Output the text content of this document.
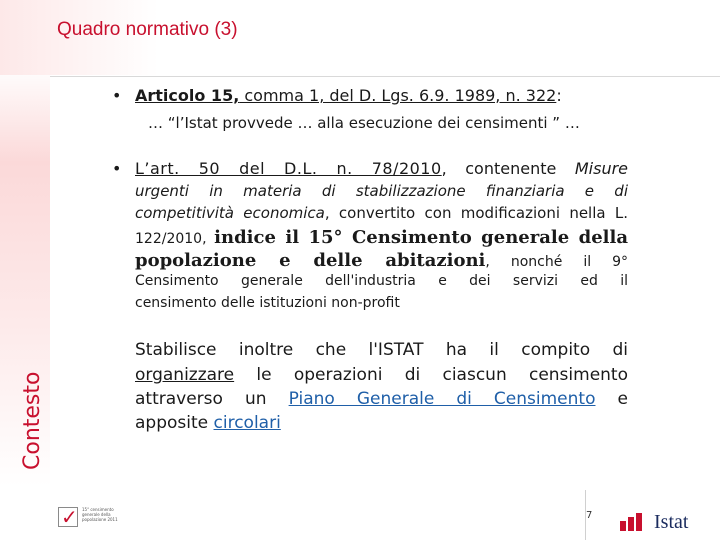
Quadro normativo (3)
Contesto
• Articolo 15, comma 1, del D. Lgs. 6.9. 1989, n. 322:
… “l’Istat provvede … alla esecuzione dei censimenti ” …
• L’art. 50 del D.L. n. 78/2010, contenente Misure
urgenti in materia di stabilizzazione finanziaria e di
competitività economica, convertito con modificazioni nella L.
122/2010, indice il 15° Censimento generale della
popolazione e delle abitazioni, nonché il 9°
Censimento generale dell'industria e dei servizi ed il
censimento delle istituzioni non-profit
Stabilisce inoltre che l'ISTAT ha il compito di
organizzare le operazioni di ciascun censimento
attraverso un Piano Generale di Censimento e
apposite circolari
✓ 15° censimento generale della popolazione 2011	7	Istat
